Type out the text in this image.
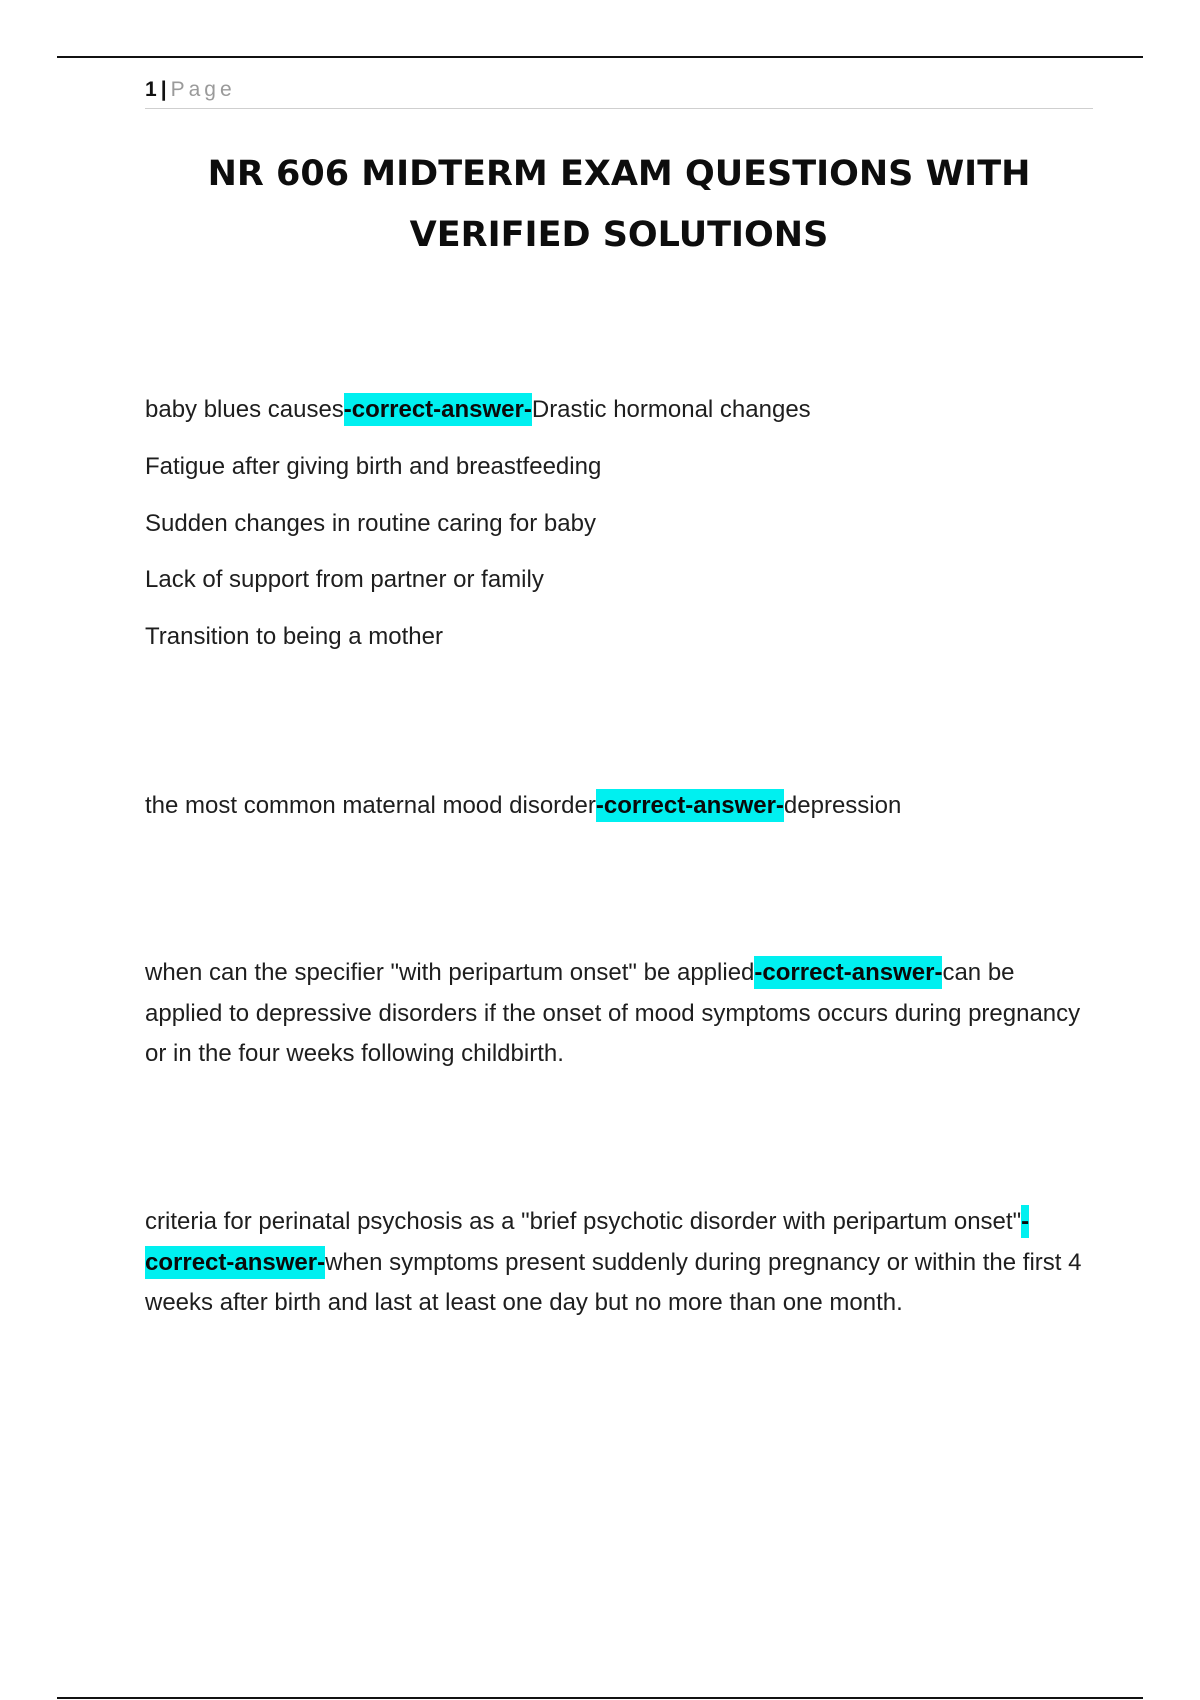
1 | Page
NR 606 MIDTERM EXAM QUESTIONS WITH
VERIFIED SOLUTIONS

baby blues causes-correct-answer-Drastic hormonal changes

Fatigue after giving birth and breastfeeding
Sudden changes in routine caring for baby
Lack of support from partner or family
Transition to being a mother

the most common maternal mood disorder-correct-answer-depression

when can the specifier "with peripartum onset" be applied-correct-answer-can be applied to depressive disorders if the onset of mood symptoms occurs during pregnancy or in the four weeks following childbirth.

criteria for perinatal psychosis as a "brief psychotic disorder with peripartum onset"-correct-answer-when symptoms present suddenly during pregnancy or within the first 4 weeks after birth and last at least one day but no more than one month.
